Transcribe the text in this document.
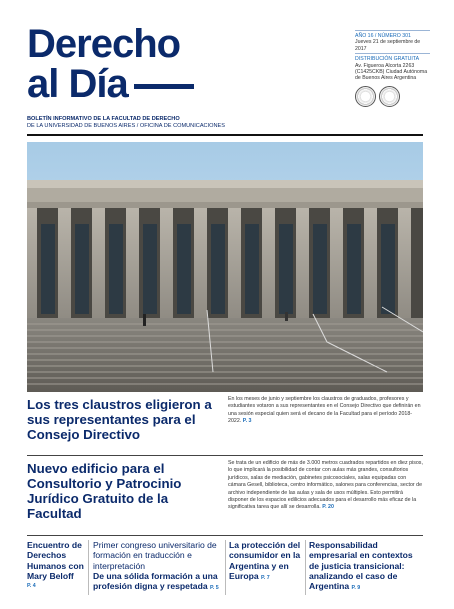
Derecho
al Día
BOLETÍN INFORMATIVO DE LA FACULTAD DE DERECHO
DE LA UNIVERSIDAD DE BUENOS AIRES / OFICINA DE COMUNICACIONES
AÑO 16 / NÚMERO 301
Jueves 21 de septiembre de 2017
DISTRIBUCIÓN GRATUITA
Av. Figueroa Alcorta 2263 (C1425CKB) Ciudad Autónoma de Buenos Aires Argentina
Los tres claustros eligieron a sus representantes para el Consejo Directivo
En los meses de junio y septiembre los claustros de graduados, profesores y estudiantes votaron a sus representantes en el Consejo Directivo que definirán en una sesión especial quien será el decano de la Facultad para el período 2018-2022. P. 3
Nuevo edificio para el Consultorio y Patrocinio Jurídico Gratuito de la Facultad
Se trata de un edificio de más de 3.000 metros cuadrados repartidos en diez pisos, lo que implicará la posibilidad de contar con aulas más grandes, consultorios jurídicos, salas de mediación, gabinetes psicosociales, salas equipadas con cámara Gesell, biblioteca, centro informático, salones para conferencias, sector de archivo independiente de las aulas y sala de usos múltiples. Esto permitirá disponer de los espacios edilicios adecuados para el desarrollo más eficaz de la significativa tarea que allí se desarrolla. P. 20
Encuentro de Derechos Humanos con Mary Beloff
P. 4
Primer congreso universitario de formación en traducción e interpretación
De una sólida formación a una profesión digna y respetada P. 5
La protección del consumidor en la Argentina y en Europa P. 7
Responsabilidad empresarial en contextos de justicia transicional: analizando el caso de Argentina P. 9
